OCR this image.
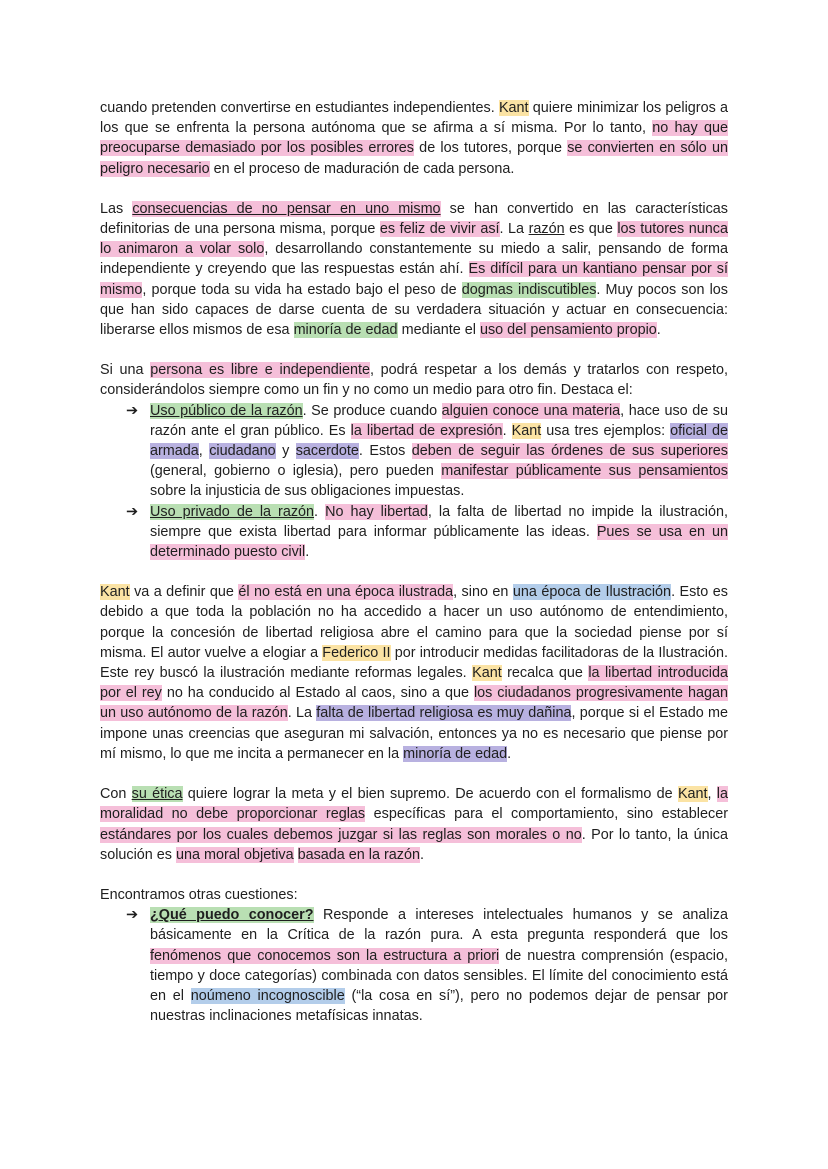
cuando pretenden convertirse en estudiantes independientes. Kant quiere minimizar los peligros a los que se enfrenta la persona autónoma que se afirma a sí misma. Por lo tanto, no hay que preocuparse demasiado por los posibles errores de los tutores, porque se convierten en sólo un peligro necesario en el proceso de maduración de cada persona.

Las consecuencias de no pensar en uno mismo se han convertido en las características definitorias de una persona misma, porque es feliz de vivir así. La razón es que los tutores nunca lo animaron a volar solo, desarrollando constantemente su miedo a salir, pensando de forma independiente y creyendo que las respuestas están ahí. Es difícil para un kantiano pensar por sí mismo, porque toda su vida ha estado bajo el peso de dogmas indiscutibles. Muy pocos son los que han sido capaces de darse cuenta de su verdadera situación y actuar en consecuencia: liberarse ellos mismos de esa minoría de edad mediante el uso del pensamiento propio.

Si una persona es libre e independiente, podrá respetar a los demás y tratarlos con respeto, considerándolos siempre como un fin y no como un medio para otro fin. Destaca el:

➔ Uso público de la razón. Se produce cuando alguien conoce una materia, hace uso de su razón ante el gran público. Es la libertad de expresión. Kant usa tres ejemplos: oficial de armada, ciudadano y sacerdote. Estos deben de seguir las órdenes de sus superiores (general, gobierno o iglesia), pero pueden manifestar públicamente sus pensamientos sobre la injusticia de sus obligaciones impuestas.
➔ Uso privado de la razón. No hay libertad, la falta de libertad no impide la ilustración, siempre que exista libertad para informar públicamente las ideas. Pues se usa en un determinado puesto civil.

Kant va a definir que él no está en una época ilustrada, sino en una época de Ilustración. Esto es debido a que toda la población no ha accedido a hacer un uso autónomo de entendimiento, porque la concesión de libertad religiosa abre el camino para que la sociedad piense por sí misma. El autor vuelve a elogiar a Federico II por introducir medidas facilitadoras de la Ilustración. Este rey buscó la ilustración mediante reformas legales. Kant recalca que la libertad introducida por el rey no ha conducido al Estado al caos, sino a que los ciudadanos progresivamente hagan un uso autónomo de la razón. La falta de libertad religiosa es muy dañina, porque si el Estado me impone unas creencias que aseguran mi salvación, entonces ya no es necesario que piense por mí mismo, lo que me incita a permanecer en la minoría de edad.

Con su ética quiere lograr la meta y el bien supremo. De acuerdo con el formalismo de Kant, la moralidad no debe proporcionar reglas específicas para el comportamiento, sino establecer estándares por los cuales debemos juzgar si las reglas son morales o no. Por lo tanto, la única solución es una moral objetiva basada en la razón.

Encontramos otras cuestiones:

➔ ¿Qué puedo conocer? Responde a intereses intelectuales humanos y se analiza básicamente en la Crítica de la razón pura. A esta pregunta responderá que los fenómenos que conocemos son la estructura a priori de nuestra comprensión (espacio, tiempo y doce categorías) combinada con datos sensibles. El límite del conocimiento está en el noúmeno incognoscible (“la cosa en sí”), pero no podemos dejar de pensar por nuestras inclinaciones metafísicas innatas.
